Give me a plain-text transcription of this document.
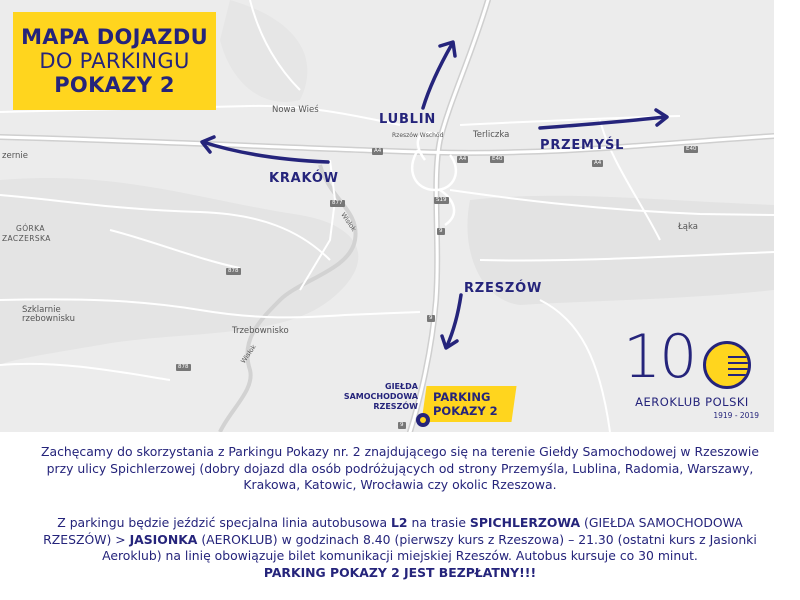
MAPA DOJAZDU
DO PARKINGU
POKAZY 2
LUBLIN
PRZEMYŚL
KRAKÓW
RZESZÓW
Nowa Wieś
Terliczka
Rzeszów Wschód
zernie
GÓRKA
ZACZERSKA
Szklarnie
rzebownisku
Trzebownisko
Łąka
Wisłok
Wisłok
A4
A4
A4
E40
E40
S19
878
877
9
9
9
878
GIEŁDA
SAMOCHODOWA
RZESZÓW
PARKING
POKAZY 2
10
AEROKLUB POLSKI
1919 - 2019
Zachęcamy do skorzystania z Parkingu Pokazy nr. 2 znajdującego się na terenie Giełdy Samochodowej w Rzeszowie
przy ulicy Spichlerzowej (dobry dojazd dla osób podróżujących od strony Przemyśla, Lublina, Radomia, Warszawy,
Krakowa, Katowic, Wrocławia czy okolic Rzeszowa.
Z parkingu będzie jeździć specjalna linia autobusowa L2 na trasie SPICHLERZOWA (GIEŁDA SAMOCHODOWA
RZESZÓW) > JASIONKA (AEROKLUB) w godzinach 8.40 (pierwszy kurs z Rzeszowa) – 21.30 (ostatni kurs z Jasionki
Aeroklub) na linię obowiązuje bilet komunikacji miejskiej Rzeszów. Autobus kursuje co 30 minut.
PARKING POKAZY 2 JEST BEZPŁATNY!!!
